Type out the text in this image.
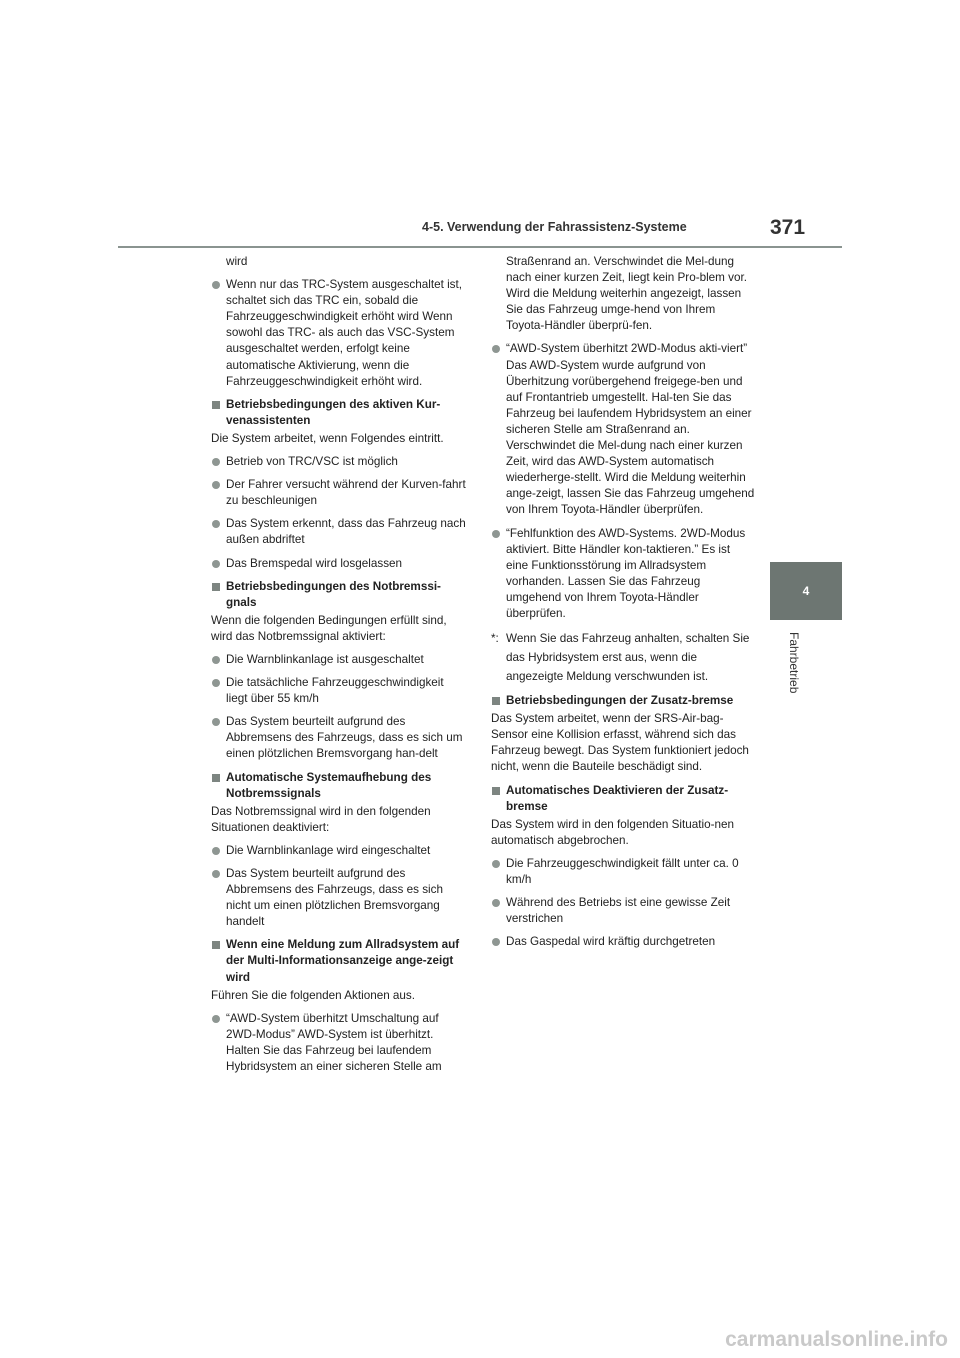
4-5. Verwendung der Fahrassistenz-Systeme	371
4
Fahrbetrieb
wird
Wenn nur das TRC-System ausgeschaltet ist, schaltet sich das TRC ein, sobald die Fahrzeuggeschwindigkeit erhöht wird Wenn sowohl das TRC- als auch das VSC-System ausgeschaltet werden, erfolgt keine automatische Aktivierung, wenn die Fahrzeuggeschwindigkeit erhöht wird.
Betriebsbedingungen des aktiven Kur-venassistenten
Die System arbeitet, wenn Folgendes eintritt.
Betrieb von TRC/VSC ist möglich
Der Fahrer versucht während der Kurven-fahrt zu beschleunigen
Das System erkennt, dass das Fahrzeug nach außen abdriftet
Das Bremspedal wird losgelassen
Betriebsbedingungen des Notbremssi-gnals
Wenn die folgenden Bedingungen erfüllt sind, wird das Notbremssignal aktiviert:
Die Warnblinkanlage ist ausgeschaltet
Die tatsächliche Fahrzeuggeschwindigkeit liegt über 55 km/h
Das System beurteilt aufgrund des Abbremsens des Fahrzeugs, dass es sich um einen plötzlichen Bremsvorgang han-delt
Automatische Systemaufhebung des Notbremssignals
Das Notbremssignal wird in den folgenden Situationen deaktiviert:
Die Warnblinkanlage wird eingeschaltet
Das System beurteilt aufgrund des Abbremsens des Fahrzeugs, dass es sich nicht um einen plötzlichen Bremsvorgang handelt
Wenn eine Meldung zum Allradsystem auf der Multi-Informationsanzeige ange-zeigt wird
Führen Sie die folgenden Aktionen aus.
“AWD-System überhitzt Umschaltung auf 2WD-Modus” AWD-System ist überhitzt. Halten Sie das Fahrzeug bei laufendem Hybridsystem an einer sicheren Stelle am
Straßenrand an. Verschwindet die Mel-dung nach einer kurzen Zeit, liegt kein Pro-blem vor. Wird die Meldung weiterhin angezeigt, lassen Sie das Fahrzeug umge-hend von Ihrem Toyota-Händler überprü-fen.
“AWD-System überhitzt 2WD-Modus akti-viert” Das AWD-System wurde aufgrund von Überhitzung vorübergehend freigege-ben und auf Frontantrieb umgestellt. Hal-ten Sie das Fahrzeug bei laufendem Hybridsystem an einer sicheren Stelle am Straßenrand an. Verschwindet die Mel-dung nach einer kurzen Zeit, wird das AWD-System automatisch wiederherge-stellt. Wird die Meldung weiterhin ange-zeigt, lassen Sie das Fahrzeug umgehend von Ihrem Toyota-Händler überprüfen.
“Fehlfunktion des AWD-Systems. 2WD-Modus aktiviert. Bitte Händler kon-taktieren.” Es ist eine Funktionsstörung im Allradsystem vorhanden. Lassen Sie das Fahrzeug umgehend von Ihrem Toyota-Händler überprüfen.
*: Wenn Sie das Fahrzeug anhalten, schalten Sie das Hybridsystem erst aus, wenn die angezeigte Meldung verschwunden ist.
Betriebsbedingungen der Zusatz-bremse
Das System arbeitet, wenn der SRS-Air-bag-Sensor eine Kollision erfasst, während sich das Fahrzeug bewegt. Das System funktioniert jedoch nicht, wenn die Bauteile beschädigt sind.
Automatisches Deaktivieren der Zusatz-bremse
Das System wird in den folgenden Situatio-nen automatisch abgebrochen.
Die Fahrzeuggeschwindigkeit fällt unter ca. 0 km/h
Während des Betriebs ist eine gewisse Zeit verstrichen
Das Gaspedal wird kräftig durchgetreten
carmanualsonline.info
